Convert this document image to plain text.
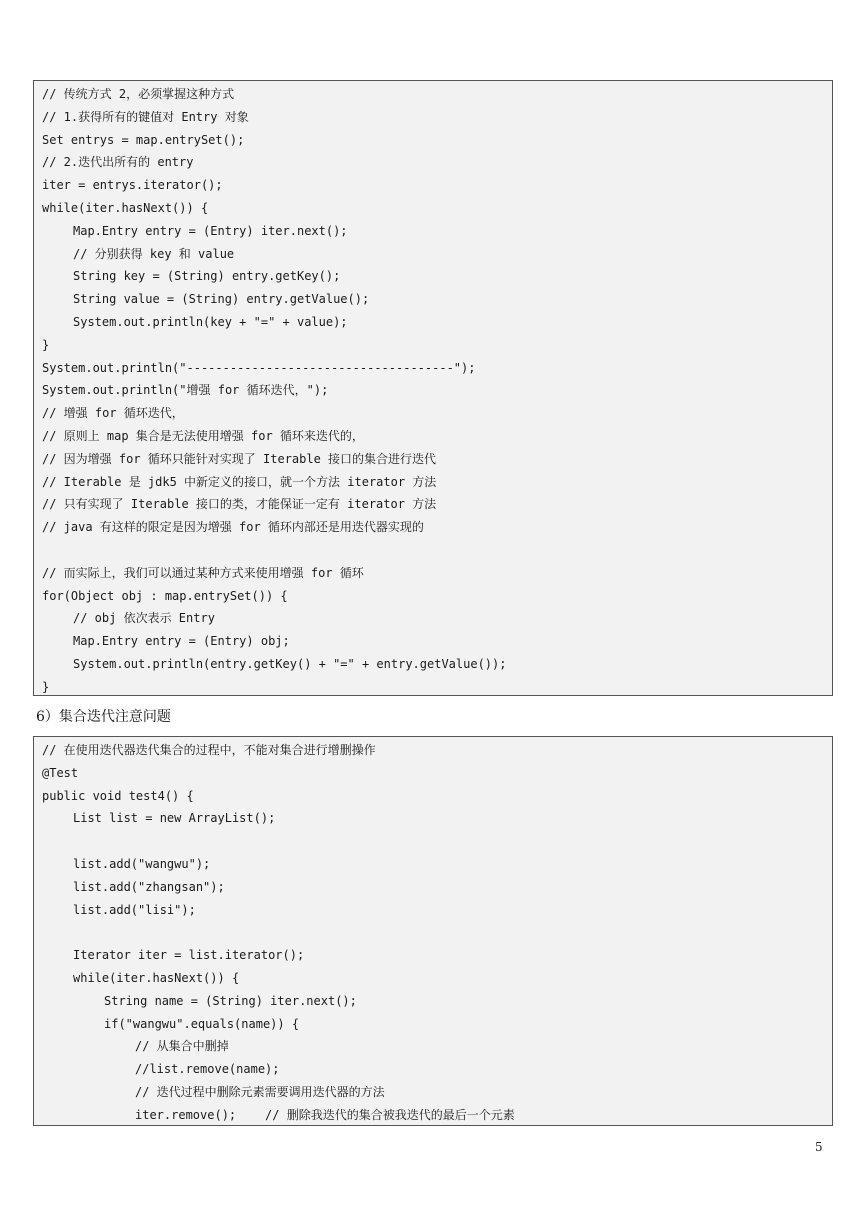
// 传统方式 2，必须掌握这种方式
// 1.获得所有的键值对 Entry 对象
Set entrys = map.entrySet();
// 2.迭代出所有的 entry
iter = entrys.iterator();
while(iter.hasNext()) {
Map.Entry entry = (Entry) iter.next();
// 分别获得 key 和 value
String key = (String) entry.getKey();
String value = (String) entry.getValue();
System.out.println(key + "=" + value);
}
System.out.println("-------------------------------------");
System.out.println("增强 for 循环迭代，");
// 增强 for 循环迭代，
// 原则上 map 集合是无法使用增强 for 循环来迭代的，
// 因为增强 for 循环只能针对实现了 Iterable 接口的集合进行迭代
// Iterable 是 jdk5 中新定义的接口，就一个方法 iterator 方法
// 只有实现了 Iterable 接口的类，才能保证一定有 iterator 方法
// java 有这样的限定是因为增强 for 循环内部还是用迭代器实现的
// 而实际上，我们可以通过某种方式来使用增强 for 循环
for(Object obj : map.entrySet()) {
// obj 依次表示 Entry
Map.Entry entry = (Entry) obj;
System.out.println(entry.getKey() + "=" + entry.getValue());
}
6）集合迭代注意问题
// 在使用迭代器迭代集合的过程中，不能对集合进行增删操作
@Test
public void test4() {
List list = new ArrayList();
list.add("wangwu");
list.add("zhangsan");
list.add("lisi");
Iterator iter = list.iterator();
while(iter.hasNext()) {
String name = (String) iter.next();
if("wangwu".equals(name)) {
// 从集合中删掉
//list.remove(name);
// 迭代过程中删除元素需要调用迭代器的方法
iter.remove();    // 删除我迭代的集合被我迭代的最后一个元素
5
